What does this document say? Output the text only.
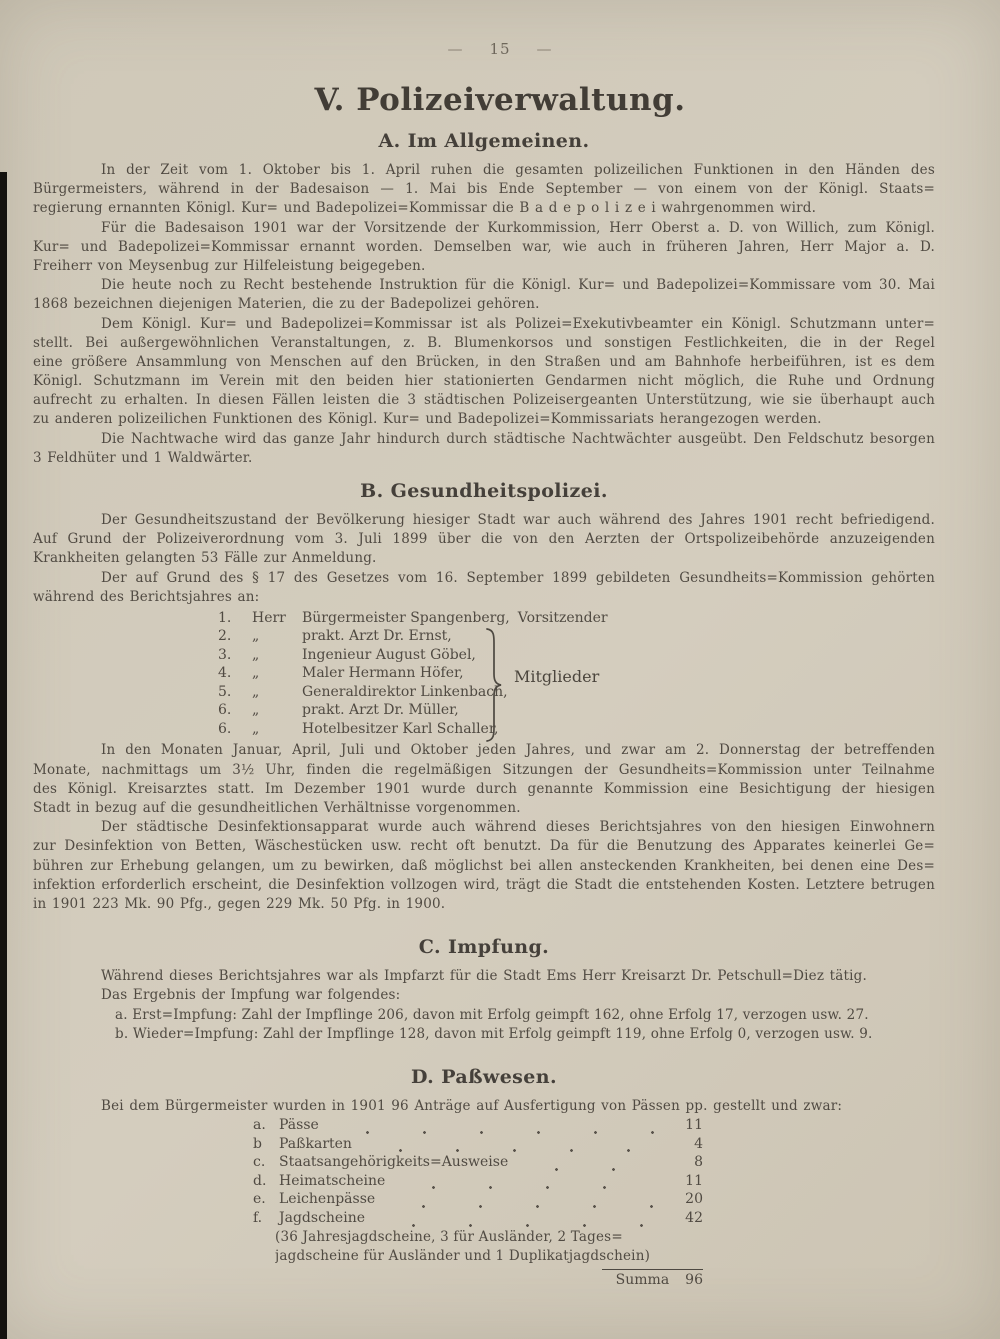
— 15 —
V. Polizeiverwaltung.
A. Im Allgemeinen.
In der Zeit vom 1. Oktober bis 1. April ruhen die gesamten polizeilichen Funktionen in den Händen des
Bürgermeisters, während in der Badesaison — 1. Mai bis Ende September — von einem von der Königl. Staats=
regierung ernannten Königl. Kur= und Badepolizei=Kommissar die B a d e p o l i z e i wahrgenommen wird.
Für die Badesaison 1901 war der Vorsitzende der Kurkommission, Herr Oberst a. D. von Willich, zum Königl.
Kur= und Badepolizei=Kommissar ernannt worden. Demselben war, wie auch in früheren Jahren, Herr Major a. D.
Freiherr von Meysenbug zur Hilfeleistung beigegeben.
Die heute noch zu Recht bestehende Instruktion für die Königl. Kur= und Badepolizei=Kommissare vom 30. Mai
1868 bezeichnen diejenigen Materien, die zu der Badepolizei gehören.
Dem Königl. Kur= und Badepolizei=Kommissar ist als Polizei=Exekutivbeamter ein Königl. Schutzmann unter=
stellt. Bei außergewöhnlichen Veranstaltungen, z. B. Blumenkorsos und sonstigen Festlichkeiten, die in der Regel
eine größere Ansammlung von Menschen auf den Brücken, in den Straßen und am Bahnhofe herbeiführen, ist es dem
Königl. Schutzmann im Verein mit den beiden hier stationierten Gendarmen nicht möglich, die Ruhe und Ordnung
aufrecht zu erhalten. In diesen Fällen leisten die 3 städtischen Polizeisergeanten Unterstützung, wie sie überhaupt auch
zu anderen polizeilichen Funktionen des Königl. Kur= und Badepolizei=Kommissariats herangezogen werden.
Die Nachtwache wird das ganze Jahr hindurch durch städtische Nachtwächter ausgeübt. Den Feldschutz besorgen
3 Feldhüter und 1 Waldwärter.
B. Gesundheitspolizei.
Der Gesundheitszustand der Bevölkerung hiesiger Stadt war auch während des Jahres 1901 recht befriedigend.
Auf Grund der Polizeiverordnung vom 3. Juli 1899 über die von den Aerzten der Ortspolizeibehörde anzuzeigenden
Krankheiten gelangten 53 Fälle zur Anmeldung.
Der auf Grund des § 17 des Gesetzes vom 16. September 1899 gebildeten Gesundheits=Kommission gehörten
während des Berichtsjahres an:
1.	Herr	Bürgermeister Spangenberg, Vorsitzender
2.	„	prakt. Arzt Dr. Ernst,
3.	„	Ingenieur August Göbel,
4.	„	Maler Hermann Höfer,
5.	„	Generaldirektor Linkenbach,
6.	„	prakt. Arzt Dr. Müller,
6.	„	Hotelbesitzer Karl Schaller,
Mitglieder
In den Monaten Januar, April, Juli und Oktober jeden Jahres, und zwar am 2. Donnerstag der betreffenden
Monate, nachmittags um 3½ Uhr, finden die regelmäßigen Sitzungen der Gesundheits=Kommission unter Teilnahme
des Königl. Kreisarztes statt. Im Dezember 1901 wurde durch genannte Kommission eine Besichtigung der hiesigen
Stadt in bezug auf die gesundheitlichen Verhältnisse vorgenommen.
Der städtische Desinfektionsapparat wurde auch während dieses Berichtsjahres von den hiesigen Einwohnern
zur Desinfektion von Betten, Wäschestücken usw. recht oft benutzt. Da für die Benutzung des Apparates keinerlei Ge=
bühren zur Erhebung gelangen, um zu bewirken, daß möglichst bei allen ansteckenden Krankheiten, bei denen eine Des=
infektion erforderlich erscheint, die Desinfektion vollzogen wird, trägt die Stadt die entstehenden Kosten. Letztere betrugen
in 1901 223 Mk. 90 Pfg., gegen 229 Mk. 50 Pfg. in 1900.
C. Impfung.
Während dieses Berichtsjahres war als Impfarzt für die Stadt Ems Herr Kreisarzt Dr. Petschull=Diez tätig.
Das Ergebnis der Impfung war folgendes:
a. Erst=Impfung: Zahl der Impflinge 206, davon mit Erfolg geimpft 162, ohne Erfolg 17, verzogen usw. 27.
b. Wieder=Impfung: Zahl der Impflinge 128, davon mit Erfolg geimpft 119, ohne Erfolg 0, verzogen usw. 9.
D. Paßwesen.
Bei dem Bürgermeister wurden in 1901 96 Anträge auf Ausfertigung von Pässen pp. gestellt und zwar:
a. Pässe	11
b	Paßkarten	4
c. Staatsangehörigkeits=Ausweise	8
d. Heimatscheine	11
e. Leichenpässe	20
f.	Jagdscheine	42
(36 Jahresjagdscheine, 3 für Ausländer, 2 Tages=
jagdscheine für Ausländer und 1 Duplikatjagdschein)
Summa 96
